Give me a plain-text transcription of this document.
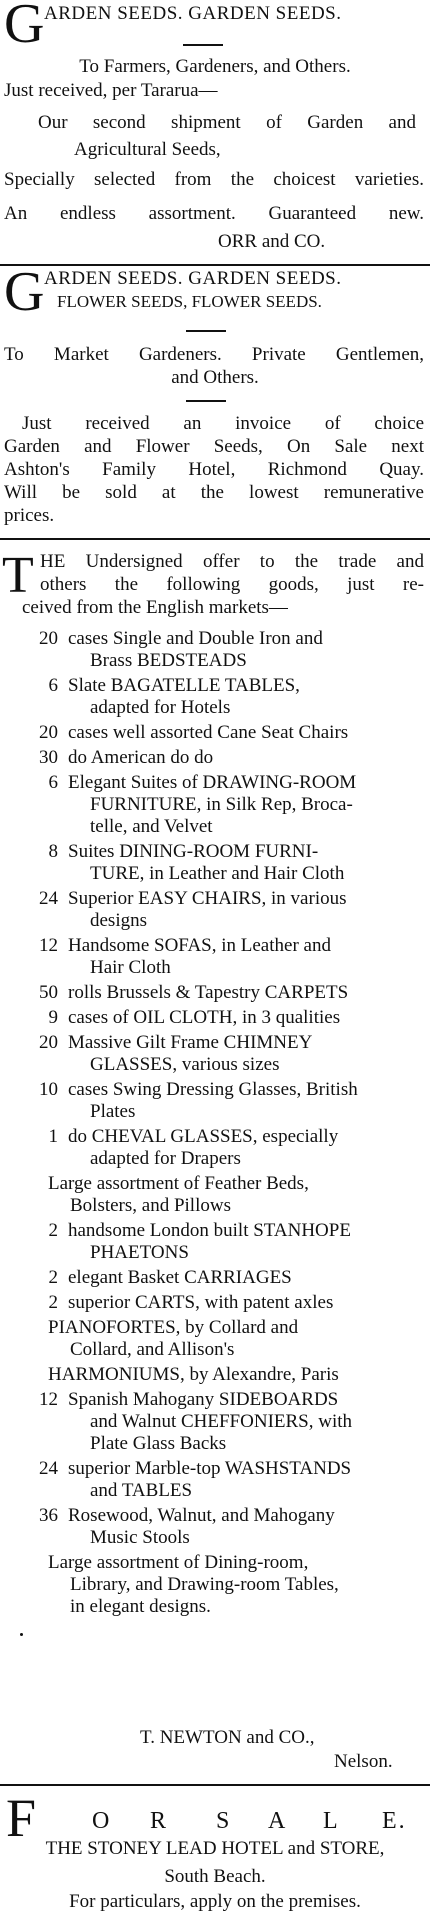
G ARDEN SEEDS. GARDEN SEEDS.
To Farmers, Gardeners, and Others.
Just received, per Tararua—
Our second shipment of Garden and
Agricultural Seeds,
Specially selected from the choicest varieties.
An endless assortment. Guaranteed new.
ORR and CO.
G ARDEN SEEDS. GARDEN SEEDS.
FLOWER SEEDS, FLOWER SEEDS.
To Market Gardeners. Private Gentlemen,
and Others.
Just received an invoice of choice
Garden and Flower Seeds, On Sale next
Ashton's Family Hotel, Richmond Quay.
Will be sold at the lowest remunerative
prices.
T HE Undersigned offer to the trade and
others the following goods, just re-
ceived from the English markets—
20 cases Single and Double Iron and
Brass BEDSTEADS
6 Slate BAGATELLE TABLES,
adapted for Hotels
20 cases well assorted Cane Seat Chairs
30 do American do do
6 Elegant Suites of DRAWING-ROOM
FURNITURE, in Silk Rep, Broca-
telle, and Velvet
8 Suites DINING-ROOM FURNI-
TURE, in Leather and Hair Cloth
24 Superior EASY CHAIRS, in various
designs
12 Handsome SOFAS, in Leather and
Hair Cloth
50 rolls Brussels & Tapestry CARPETS
9 cases of OIL CLOTH, in 3 qualities
20 Massive Gilt Frame CHIMNEY
GLASSES, various sizes
10 cases Swing Dressing Glasses, British
Plates
1 do CHEVAL GLASSES, especially
adapted for Drapers
Large assortment of Feather Beds,
Bolsters, and Pillows
2 handsome London built STANHOPE
PHAETONS
2 elegant Basket CARRIAGES
2 superior CARTS, with patent axles
PIANOFORTES, by Collard and
Collard, and Allison's
HARMONIUMS, by Alexandre, Paris
12 Spanish Mahogany SIDEBOARDS
and Walnut CHEFFONIERS, with
Plate Glass Backs
24 superior Marble-top WASHSTANDS
and TABLES
36 Rosewood, Walnut, and Mahogany
Music Stools
Large assortment of Dining-room,
Library, and Drawing-room Tables,
in elegant designs.
T. NEWTON and CO.,
Nelson.
F O R S A L E.
THE STONEY LEAD HOTEL and STORE,
South Beach.
For particulars, apply on the premises.
